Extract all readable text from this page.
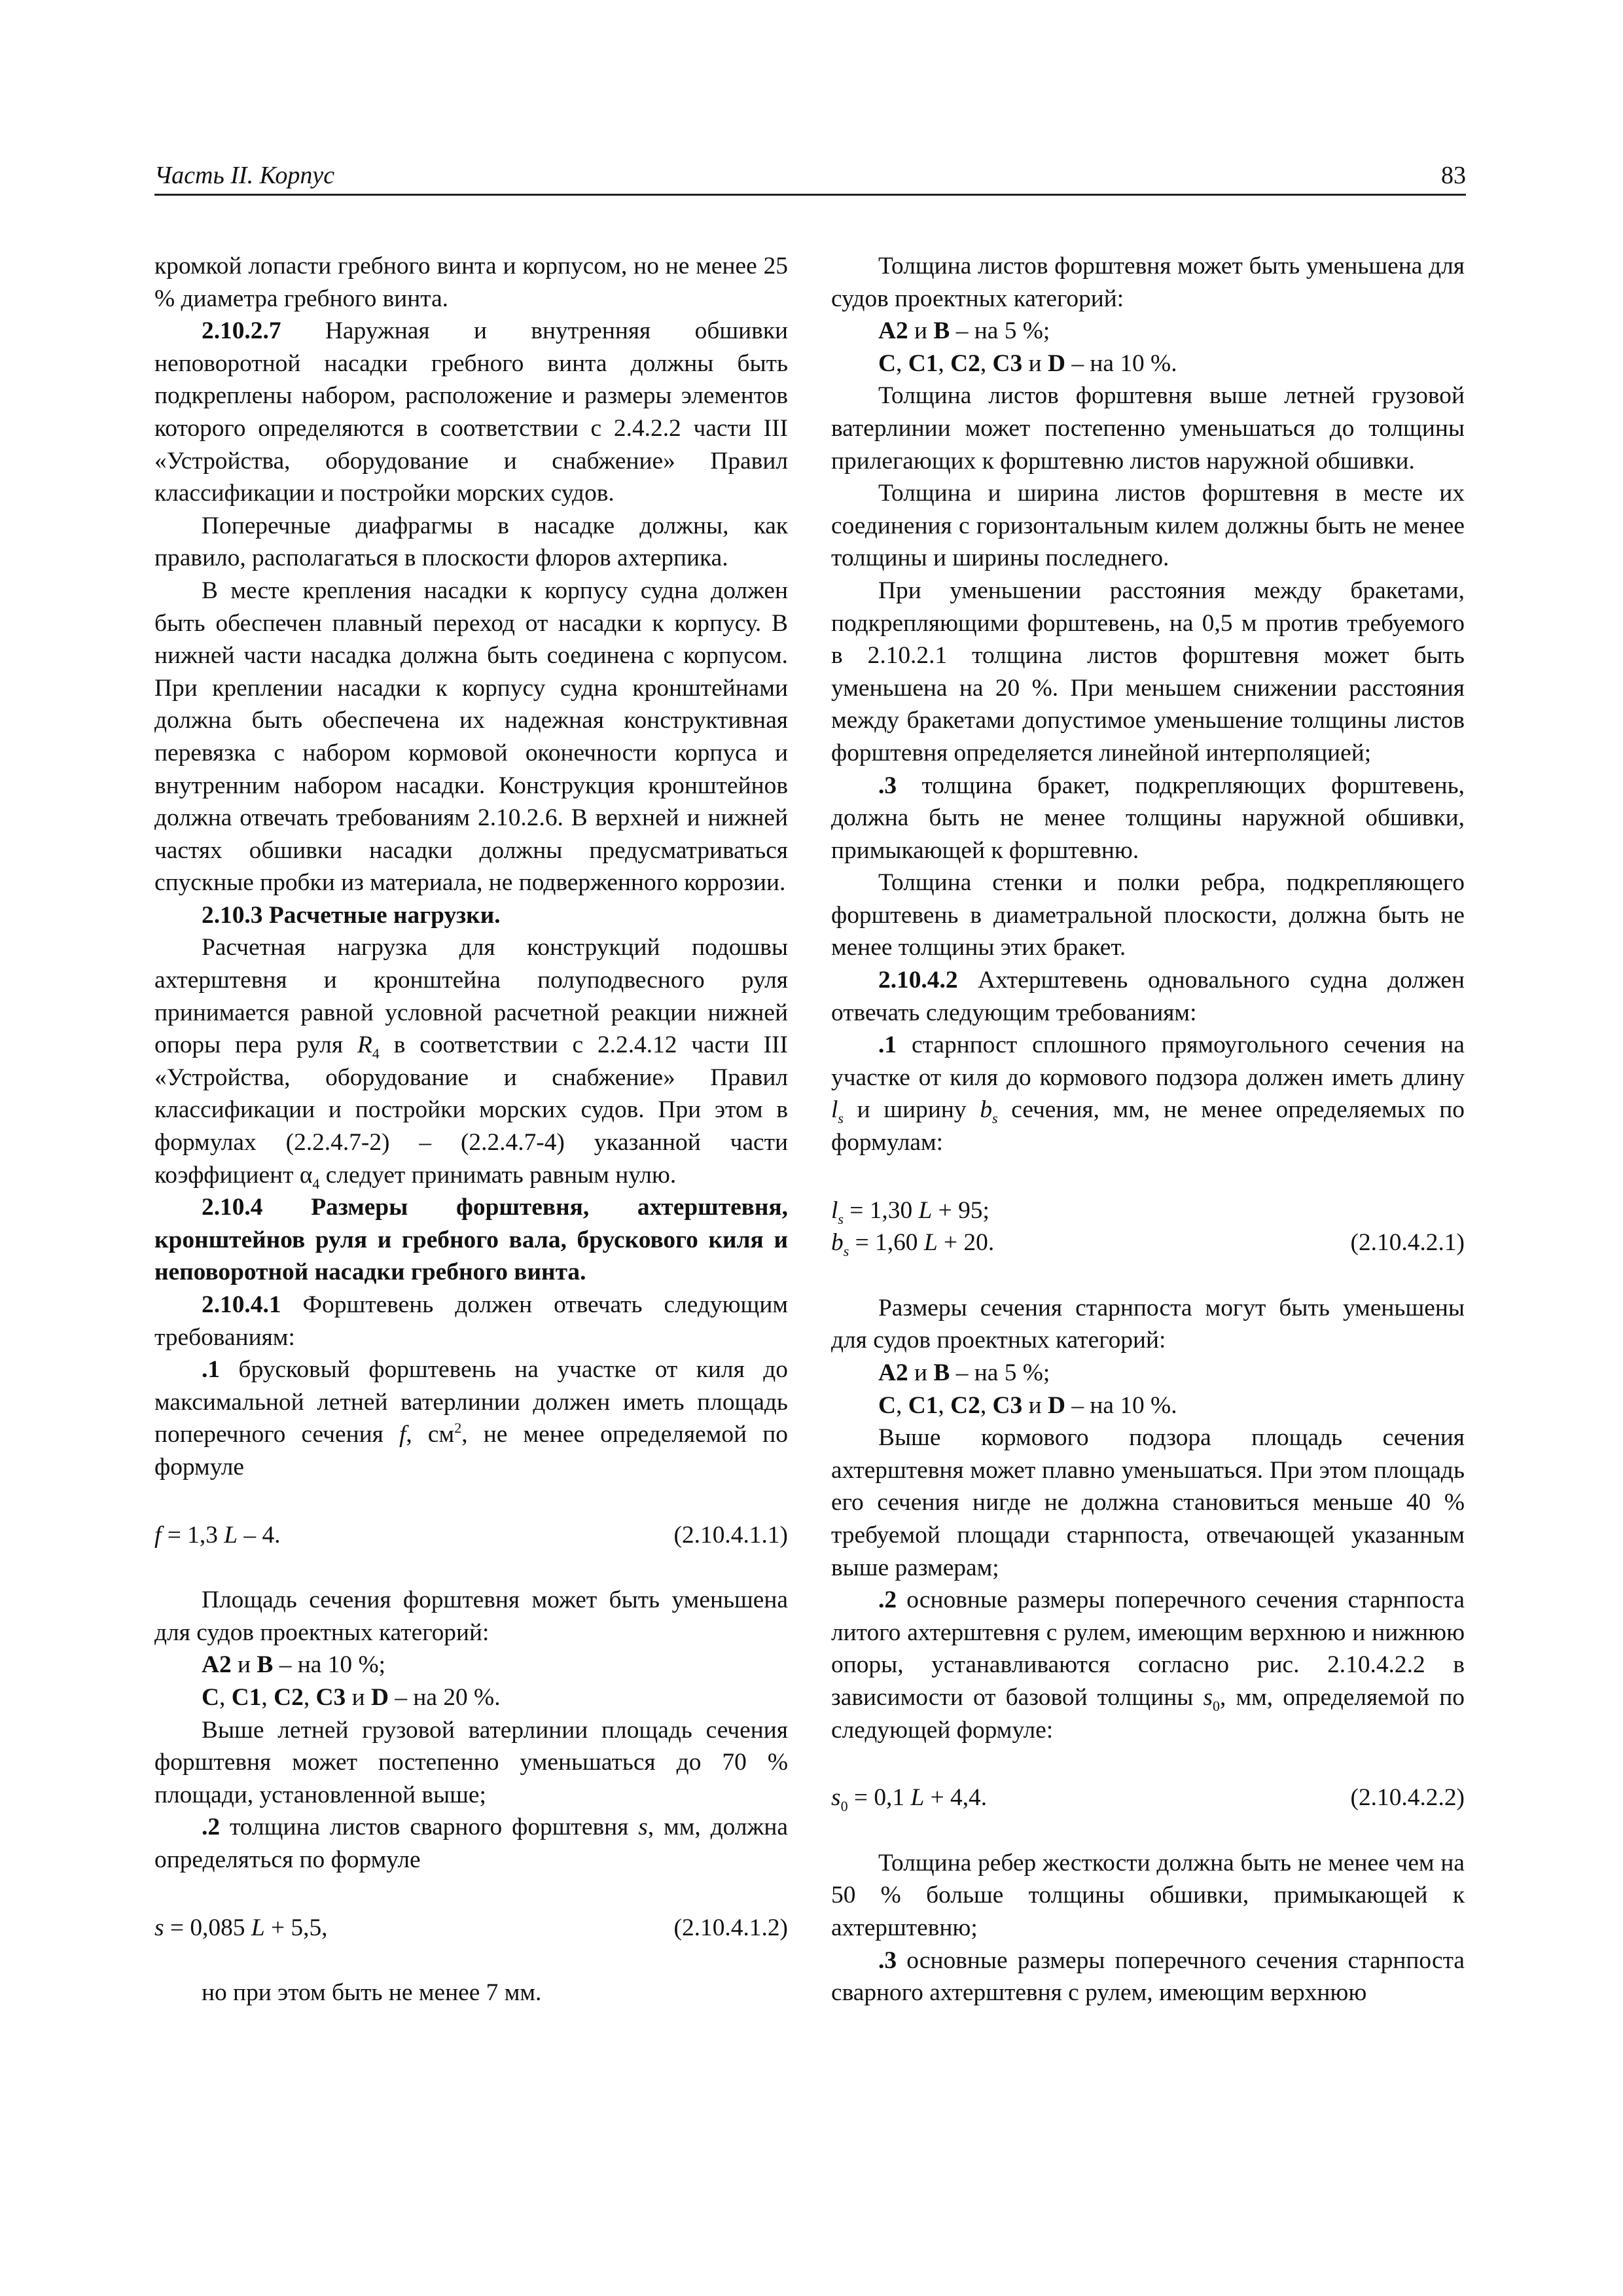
Часть II. Корпус	83

кромкой лопасти гребного винта и корпусом, но не менее 25 % диаметра гребного винта.

2.10.2.7 Наружная и внутренняя обшивки неповоротной насадки гребного винта должны быть подкреплены набором, расположение и размеры элементов которого определяются в соответствии с 2.4.2.2 части III «Устройства, оборудование и снабжение» Правил классификации и постройки морских судов.

Поперечные диафрагмы в насадке должны, как правило, располагаться в плоскости флоров ахтерпика.

В месте крепления насадки к корпусу судна должен быть обеспечен плавный переход от насадки к корпусу. В нижней части насадка должна быть соединена с корпусом. При креплении насадки к корпусу судна кронштейнами должна быть обеспечена их надежная конструктивная перевязка с набором кормовой оконечности корпуса и внутренним набором насадки. Конструкция кронштейнов должна отвечать требованиям 2.10.2.6. В верхней и нижней частях обшивки насадки должны предусматриваться спускные пробки из материала, не подверженного коррозии.

2.10.3 Расчетные нагрузки.

Расчетная нагрузка для конструкций подошвы ахтерштевня и кронштейна полуподвесного руля принимается равной условной расчетной реакции нижней опоры пера руля $R_4$ в соответствии с 2.2.4.12 части III «Устройства, оборудование и снабжение» Правил классификации и постройки морских судов. При этом в формулах (2.2.4.7-2) – (2.2.4.7-4) указанной части коэффициент $\alpha_4$ следует принимать равным нулю.

2.10.4 Размеры форштевня, ахтерштевня, кронштейнов руля и гребного вала, брускового киля и неповоротной насадки гребного винта.

2.10.4.1 Форштевень должен отвечать следующим требованиям:

.1 брусковый форштевень на участке от киля до максимальной летней ватерлинии должен иметь площадь поперечного сечения f, $см^2$, не менее определяемой по формуле

f = 1,3 L – 4.	(2.10.4.1.1)

Площадь сечения форштевня может быть уменьшена для судов проектных категорий:

A2 и B – на 10 %;

C, C1, C2, C3 и D – на 20 %.

Выше летней грузовой ватерлинии площадь сечения форштевня может постепенно уменьшаться до 70 % площади, установленной выше;

.2 толщина листов сварного форштевня s, мм, должна определяться по формуле

s = 0,085 L + 5,5,	(2.10.4.1.2)

но при этом быть не менее 7 мм.

Толщина листов форштевня может быть уменьшена для судов проектных категорий:

A2 и B – на 5 %;

C, C1, C2, C3 и D – на 10 %.

Толщина листов форштевня выше летней грузовой ватерлинии может постепенно уменьшаться до толщины прилегающих к форштевню листов наружной обшивки.

Толщина и ширина листов форштевня в месте их соединения с горизонтальным килем должны быть не менее толщины и ширины последнего.

При уменьшении расстояния между бракетами, подкрепляющими форштевень, на 0,5 м против требуемого в 2.10.2.1 толщина листов форштевня может быть уменьшена на 20 %. При меньшем снижении расстояния между бракетами допустимое уменьшение толщины листов форштевня определяется линейной интерполяцией;

.3 толщина бракет, подкрепляющих форштевень, должна быть не менее толщины наружной обшивки, примыкающей к форштевню.

Толщина стенки и полки ребра, подкрепляющего форштевень в диаметральной плоскости, должна быть не менее толщины этих бракет.

2.10.4.2 Ахтерштевень одновального судна должен отвечать следующим требованиям:

.1 старнпост сплошного прямоугольного сечения на участке от киля до кормового подзора должен иметь длину $l_s$ и ширину $b_s$ сечения, мм, не менее определяемых по формулам:

$l_s = 1,30$ L + 95;
$b_s = 1,60$ L + 20.	(2.10.4.2.1)

Размеры сечения старнпоста могут быть уменьшены для судов проектных категорий:

A2 и B – на 5 %;

C, C1, C2, C3 и D – на 10 %.

Выше кормового подзора площадь сечения ахтерштевня может плавно уменьшаться. При этом площадь его сечения нигде не должна становиться меньше 40 % требуемой площади старнпоста, отвечающей указанным выше размерам;

.2 основные размеры поперечного сечения старнпоста литого ахтерштевня с рулем, имеющим верхнюю и нижнюю опоры, устанавливаются согласно рис. 2.10.4.2.2 в зависимости от базовой толщины $s_0$, мм, определяемой по следующей формуле:

$s_0 = 0,1$ L + 4,4.	(2.10.4.2.2)

Толщина ребер жесткости должна быть не менее чем на 50 % больше толщины обшивки, примыкающей к ахтерштевню;

.3 основные размеры поперечного сечения старнпоста сварного ахтерштевня с рулем, имеющим верхнюю
